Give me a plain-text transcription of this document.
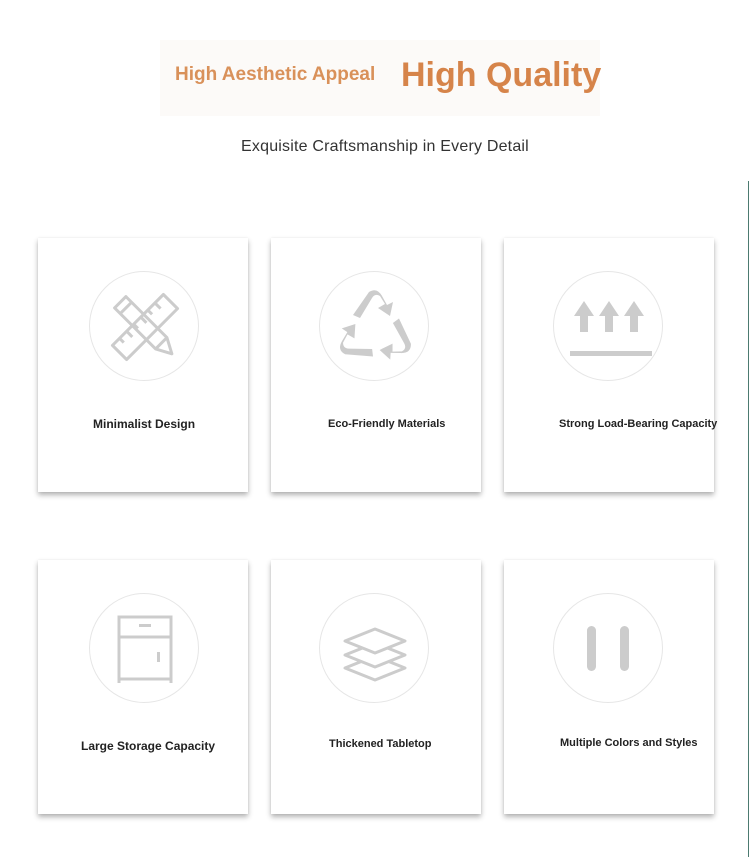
High Aesthetic Appeal High Quality
Exquisite Craftsmanship in Every Detail
Minimalist Design	Eco-Friendly Materials	Strong Load-Bearing Capacity
Large Storage Capacity	Thickened Tabletop	Multiple Colors and Styles
